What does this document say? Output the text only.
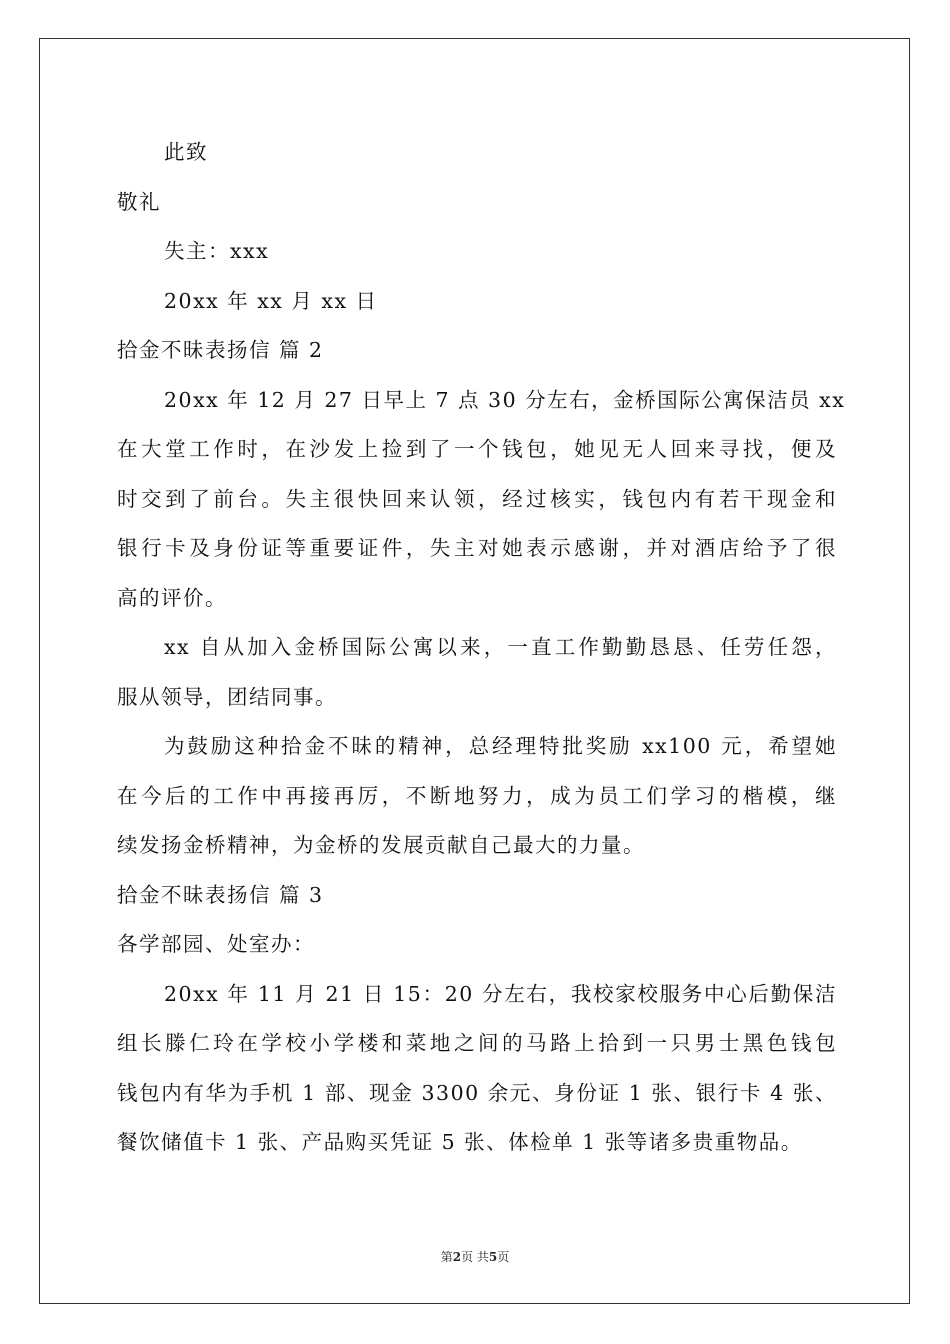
此致
敬礼
失主：xxx
20xx 年 xx 月 xx 日
拾金不昧表扬信 篇 2
20xx 年 12 月 27 日早上 7 点 30 分左右，金桥国际公寓保洁员 xx
在大堂工作时，在沙发上捡到了一个钱包，她见无人回来寻找，便及
时交到了前台。失主很快回来认领，经过核实，钱包内有若干现金和
银行卡及身份证等重要证件，失主对她表示感谢，并对酒店给予了很
高的评价。
xx 自从加入金桥国际公寓以来，一直工作勤勤恳恳、任劳任怨，
服从领导，团结同事。
为鼓励这种拾金不昧的精神，总经理特批奖励 xx100 元，希望她
在今后的工作中再接再厉，不断地努力，成为员工们学习的楷模，继
续发扬金桥精神，为金桥的发展贡献自己最大的力量。
拾金不昧表扬信 篇 3
各学部园、处室办：
20xx 年 11 月 21 日 15：20 分左右，我校家校服务中心后勤保洁
组长滕仁玲在学校小学楼和菜地之间的马路上拾到一只男士黑色钱包
钱包内有华为手机 1 部、现金 3300 余元、身份证 1 张、银行卡 4 张、
餐饮储值卡 1 张、产品购买凭证 5 张、体检单 1 张等诸多贵重物品。
第2页 共5页
